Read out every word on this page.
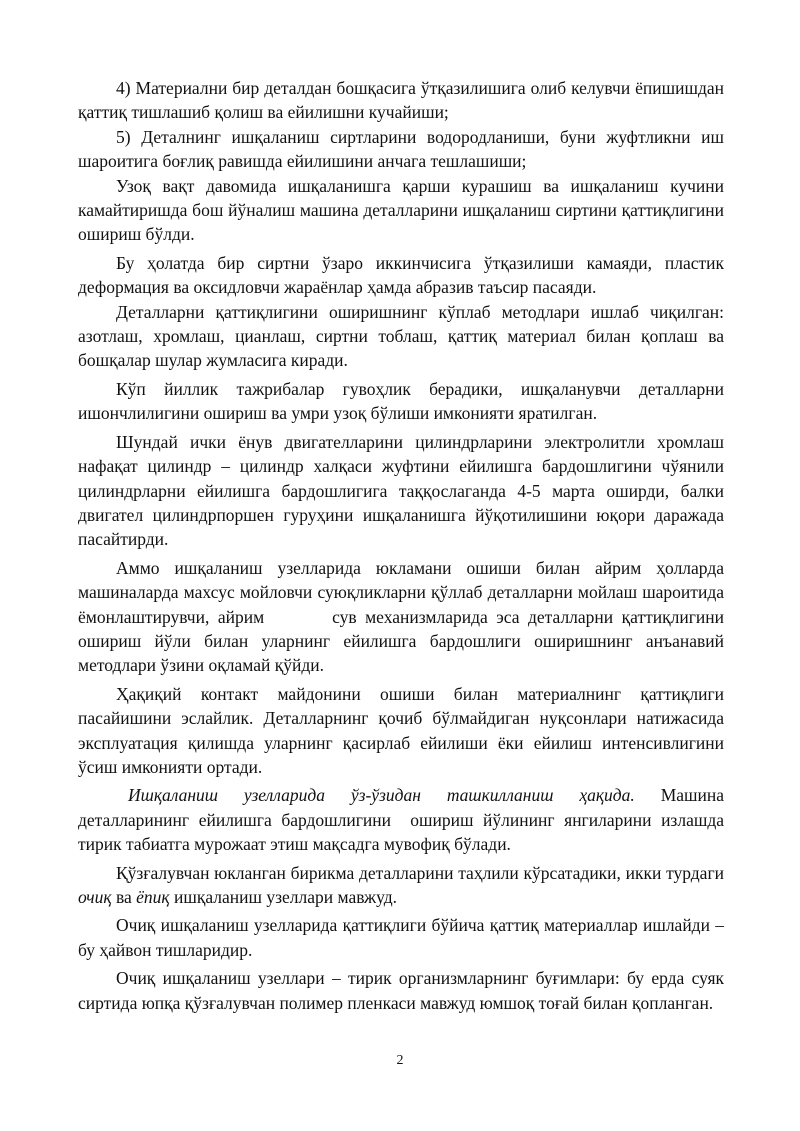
4) Материални бир деталдан бошқасига ўтқазилишига олиб келувчи ёпишишдан қаттиқ тишлашиб қолиш ва ейилишни кучайиши;

5) Деталнинг ишқаланиш сиртларини водородланиши, буни жуфтликни иш шароитига боғлиқ равишда ейилишини анчага тешлашиши;

Узоқ вақт давомида ишқаланишга қарши курашиш ва ишқаланиш кучини камайтиришда бош йўналиш машина деталларини ишқаланиш сиртини қаттиқлигини ошириш бўлди.

Бу ҳолатда бир сиртни ўзаро иккинчисига ўтқазилиши камаяди, пластик деформация ва оксидловчи жараёнлар ҳамда абразив таъсир пасаяди.

Деталларни қаттиқлигини оширишнинг кўплаб методлари ишлаб чиқилган: азотлаш, хромлаш, цианлаш, сиртни тоблаш, қаттиқ материал билан қоплаш ва бошқалар шулар жумласига киради.

Кўп йиллик тажрибалар гувоҳлик берадики, ишқаланувчи деталларни ишончлилигини ошириш ва умри узоқ бўлиши имконияти яратилган.

Шундай ички ёнув двигателларини цилиндрларини электролитли хромлаш нафақат цилиндр – цилиндр халқаси жуфтини ейилишга бардошлигини чўянили цилиндрларни ейилишга бардошлигига таққослаганда 4-5 марта оширди, балки двигател цилиндрпоршен гуруҳини ишқаланишга йўқотилишини юқори даражада пасайтирди.

Аммо ишқаланиш узелларида юкламани ошиши билан айрим ҳолларда машиналарда махсус мойловчи суюқликларни қўллаб деталларни мойлаш шароитида ёмонлаштирувчи, айрим        сув механизмларида эса деталларни қаттиқлигини ошириш йўли билан уларнинг ейилишга бардошлиги оширишнинг анъанавий методлари ўзини оқламай қўйди.

Ҳақиқий контакт майдонини ошиши билан материалнинг қаттиқлиги пасайишини эслайлик. Деталларнинг қочиб бўлмайдиган нуқсонлари натижасида эксплуатация қилишда уларнинг қасирлаб ейилиши ёки ейилиш интенсивлигини ўсиш имконияти ортади.

Ишқаланиш узелларида ўз-ўзидан ташкилланиш ҳақида. Машина деталларининг ейилишга бардошлигини  ошириш йўлининг янгиларини излашда тирик табиатга мурожаат этиш мақсадга мувофиқ бўлади.

Қўзғалувчан юкланган бирикма деталларини таҳлили кўрсатадики, икки турдаги очиқ ва ёпиқ ишқаланиш узеллари мавжуд.

Очиқ ишқаланиш узелларида қаттиқлиги бўйича қаттиқ материаллар ишлайди – бу ҳайвон тишларидир.

Очиқ ишқаланиш узеллари – тирик организмларнинг буғимлари: бу ерда суяк сиртида юпқа қўзғалувчан полимер пленкаси мавжуд юмшоқ тоғай билан қопланган.

2
